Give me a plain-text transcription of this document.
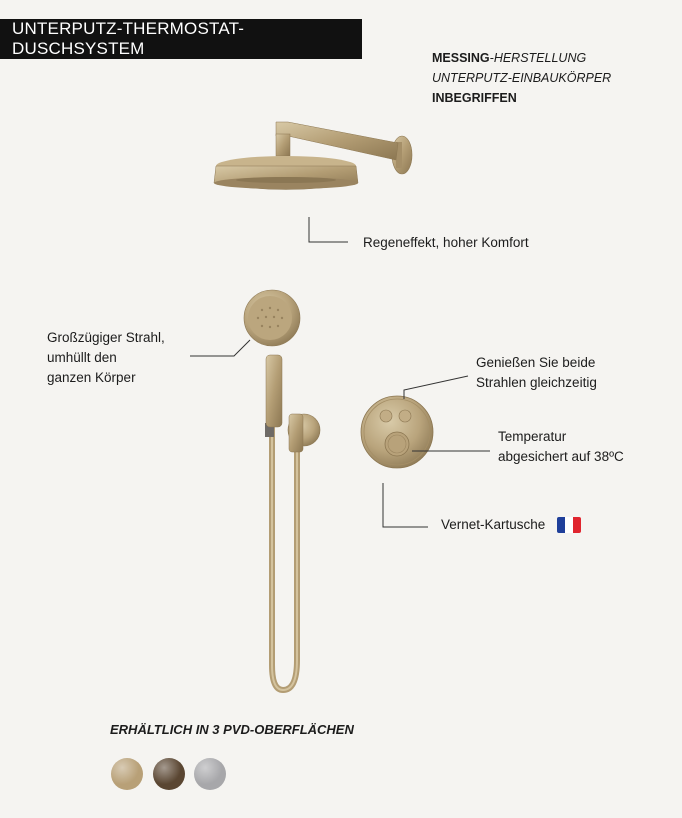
UNTERPUTZ-THERMOSTAT-DUSCHSYSTEM	MESSING-HERSTELLUNG
UNTERPUTZ-EINBAUKÖRPER
INBEGRIFFEN
Regeneffekt, hoher Komfort
Großzügiger Strahl,
umhüllt den
ganzen Körper
Genießen Sie beide
Strahlen gleichzeitig
Temperatur
abgesichert auf 38ºC
Vernet-Kartusche
ERHÄLTLICH IN 3 PVD-OBERFLÄCHEN
